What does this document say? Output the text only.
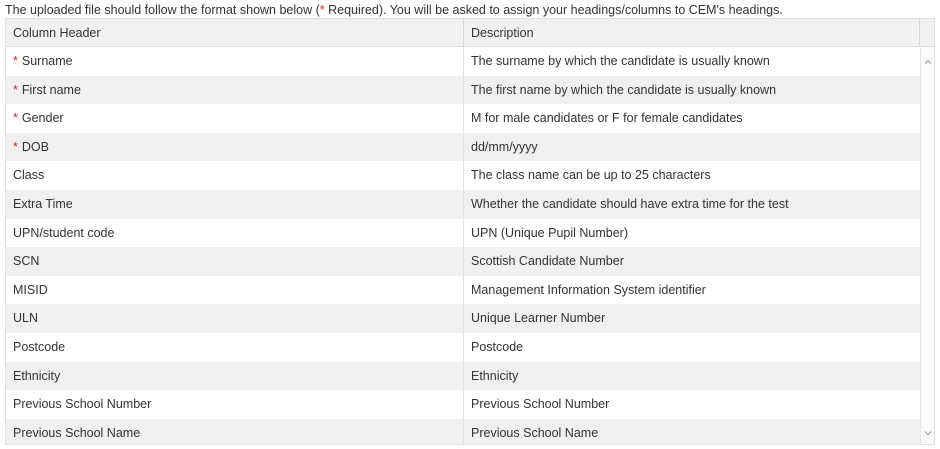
The uploaded file should follow the format shown below (* Required). You will be asked to assign your headings/columns to CEM's headings.
Column Header	Description
* Surname	The surname by which the candidate is usually known
* First name	The first name by which the candidate is usually known
* Gender	M for male candidates or F for female candidates
* DOB	dd/mm/yyyy
Class	The class name can be up to 25 characters
Extra Time	Whether the candidate should have extra time for the test
UPN/student code	UPN (Unique Pupil Number)
SCN	Scottish Candidate Number
MISID	Management Information System identifier
ULN	Unique Learner Number
Postcode	Postcode
Ethnicity	Ethnicity
Previous School Number	Previous School Number
Previous School Name	Previous School Name
